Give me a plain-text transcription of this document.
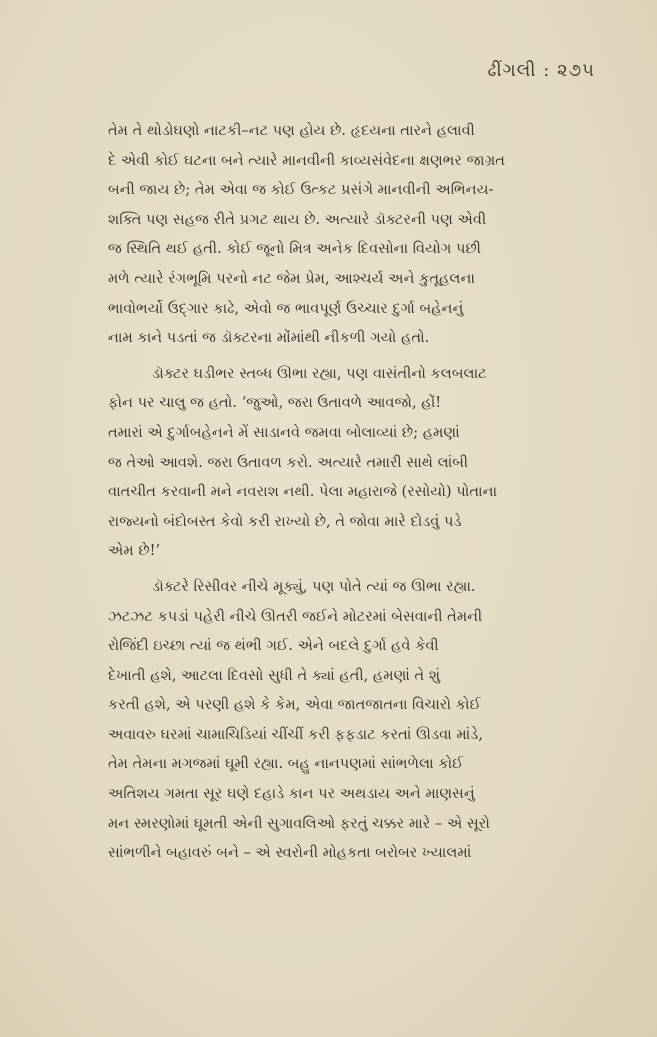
ઢીંગલી : ૨૭૫

તેમ તે થોડોઘણો નાટકી–નટ પણ હોય છે. હૃદયના તારને હલાવી
દે એવી કોઈ ઘટના બને ત્યારે માનવીની કાવ્યસંવેદના ક્ષણભર જાગ્રત
બની જાય છે; તેમ એવા જ કોઈ ઉત્કટ પ્રસંગે માનવીની અભિનય-
શક્તિ પણ સહજ રીતે પ્રગટ થાય છે. અત્યારે ડૉક્ટરની પણ એવી
જ સ્થિતિ થઈ હતી. કોઈ જૂનો મિત્ર અનેક દિવસોના વિયોગ પછી
મળે ત્યારે રંગભૂમિ પરનો નટ જેમ પ્રેમ, આશ્ચર્ય અને કુતૂહલના
ભાવોભર્યો ઉદ્ગાર કાઢે, એવો જ ભાવપૂર્ણ ઉચ્ચાર દુર્ગા બહેનનું
નામ કાને પડતાં જ ડૉક્ટરના મોંમાંથી નીકળી ગયો હતો.

ડૉક્ટર ઘડીભર સ્તબ્ધ ઊભા રહ્યા, પણ વાસંતીનો કલબલાટ
ફોન પર ચાલુ જ હતો. ‘જુઓ, જરા ઉતાવળે આવજો, હોં!
તમારાં એ દુર્ગાબહેનને મેં સાડાનવે જમવા બોલાવ્યાં છે; હમણાં
જ તેઓ આવશે. જરા ઉતાવળ કરો. અત્યારે તમારી સાથે લાંબી
વાતચીત કરવાની મને નવરાશ નથી. પેલા મહારાજે (રસોયો) પોતાના
રાજ્યનો બંદોબસ્ત કેવો કરી રાખ્યો છે, તે જોવા મારે દોડવું પડે
એમ છે!’

ડૉક્ટરે રિસીવર નીચે મૂક્યું, પણ પોતે ત્યાં જ ઊભા રહ્યા.
ઝટઝટ કપડાં પહેરી નીચે ઊતરી જઈને મોટરમાં બેસવાની તેમની
રોજિંદી ઇચ્છા ત્યાં જ થંભી ગઈ. એને બદલે દુર્ગા હવે કેવી
દેખાતી હશે, આટલા દિવસો સુધી તે ક્યાં હતી, હમણાં તે શું
કરતી હશે, એ પરણી હશે કે કેમ, એવા જાતજાતના વિચારો કોઈ
અવાવરુ ઘરમાં ચામાચિડિયાં ચીંચીં કરી ફફડાટ કરતાં ઊડવા માંડે,
તેમ તેમના મગજમાં ઘૂમી રહ્યા. બહુ નાનપણમાં સાંભળેલા કોઈ
અતિશય ગમતા સૂર ઘણે દહાડે કાન પર અથડાય અને માણસનું
મન સ્મરણોમાં ઘૂમતી એની સુગાવલિઓ ફરતું ચક્કર મારે – એ સૂરો
સાંભળીને બહાવરું બને – એ સ્વરોની મોહકતા બરોબર ખ્યાલમાં
